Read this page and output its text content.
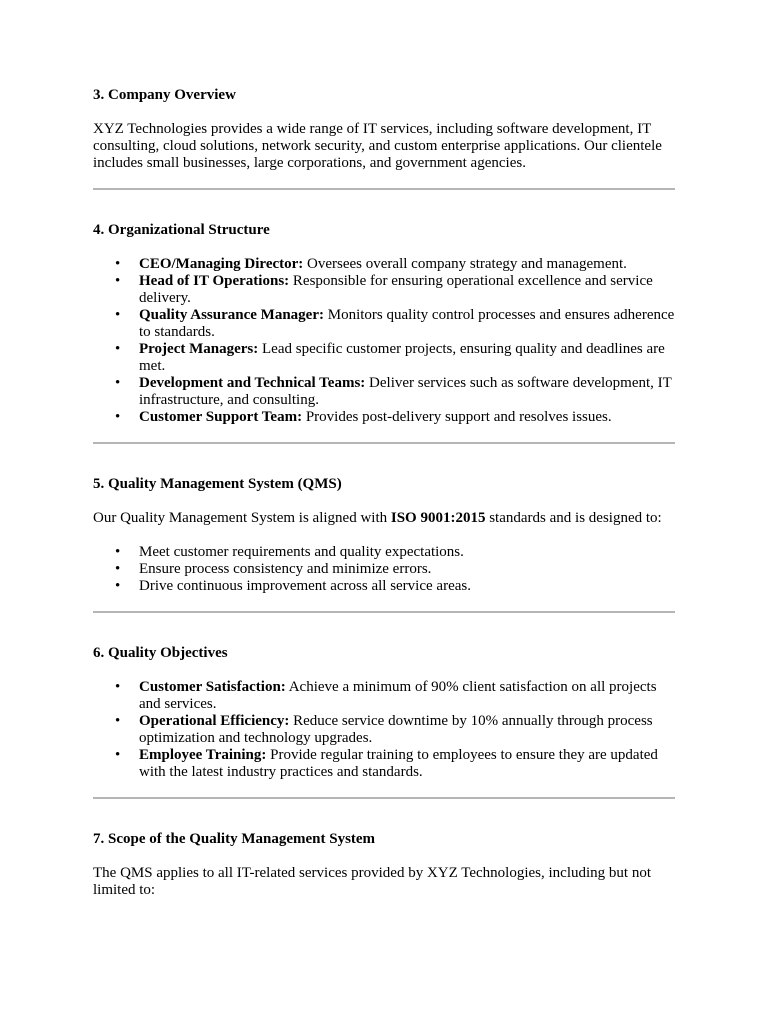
3. Company Overview

XYZ Technologies provides a wide range of IT services, including software development, IT consulting, cloud solutions, network security, and custom enterprise applications. Our clientele includes small businesses, large corporations, and government agencies.

4. Organizational Structure
• CEO/Managing Director: Oversees overall company strategy and management.
• Head of IT Operations: Responsible for ensuring operational excellence and service delivery.
• Quality Assurance Manager: Monitors quality control processes and ensures adherence to standards.
• Project Managers: Lead specific customer projects, ensuring quality and deadlines are met.
• Development and Technical Teams: Deliver services such as software development, IT infrastructure, and consulting.
• Customer Support Team: Provides post-delivery support and resolves issues.
5. Quality Management System (QMS)

Our Quality Management System is aligned with ISO 9001:2015 standards and is designed to:

• Meet customer requirements and quality expectations.
• Ensure process consistency and minimize errors.
• Drive continuous improvement across all service areas.
6. Quality Objectives
• Customer Satisfaction: Achieve a minimum of 90% client satisfaction on all projects and services.
• Operational Efficiency: Reduce service downtime by 10% annually through process optimization and technology upgrades.
• Employee Training: Provide regular training to employees to ensure they are updated with the latest industry practices and standards.
7. Scope of the Quality Management System

The QMS applies to all IT-related services provided by XYZ Technologies, including but not limited to:
